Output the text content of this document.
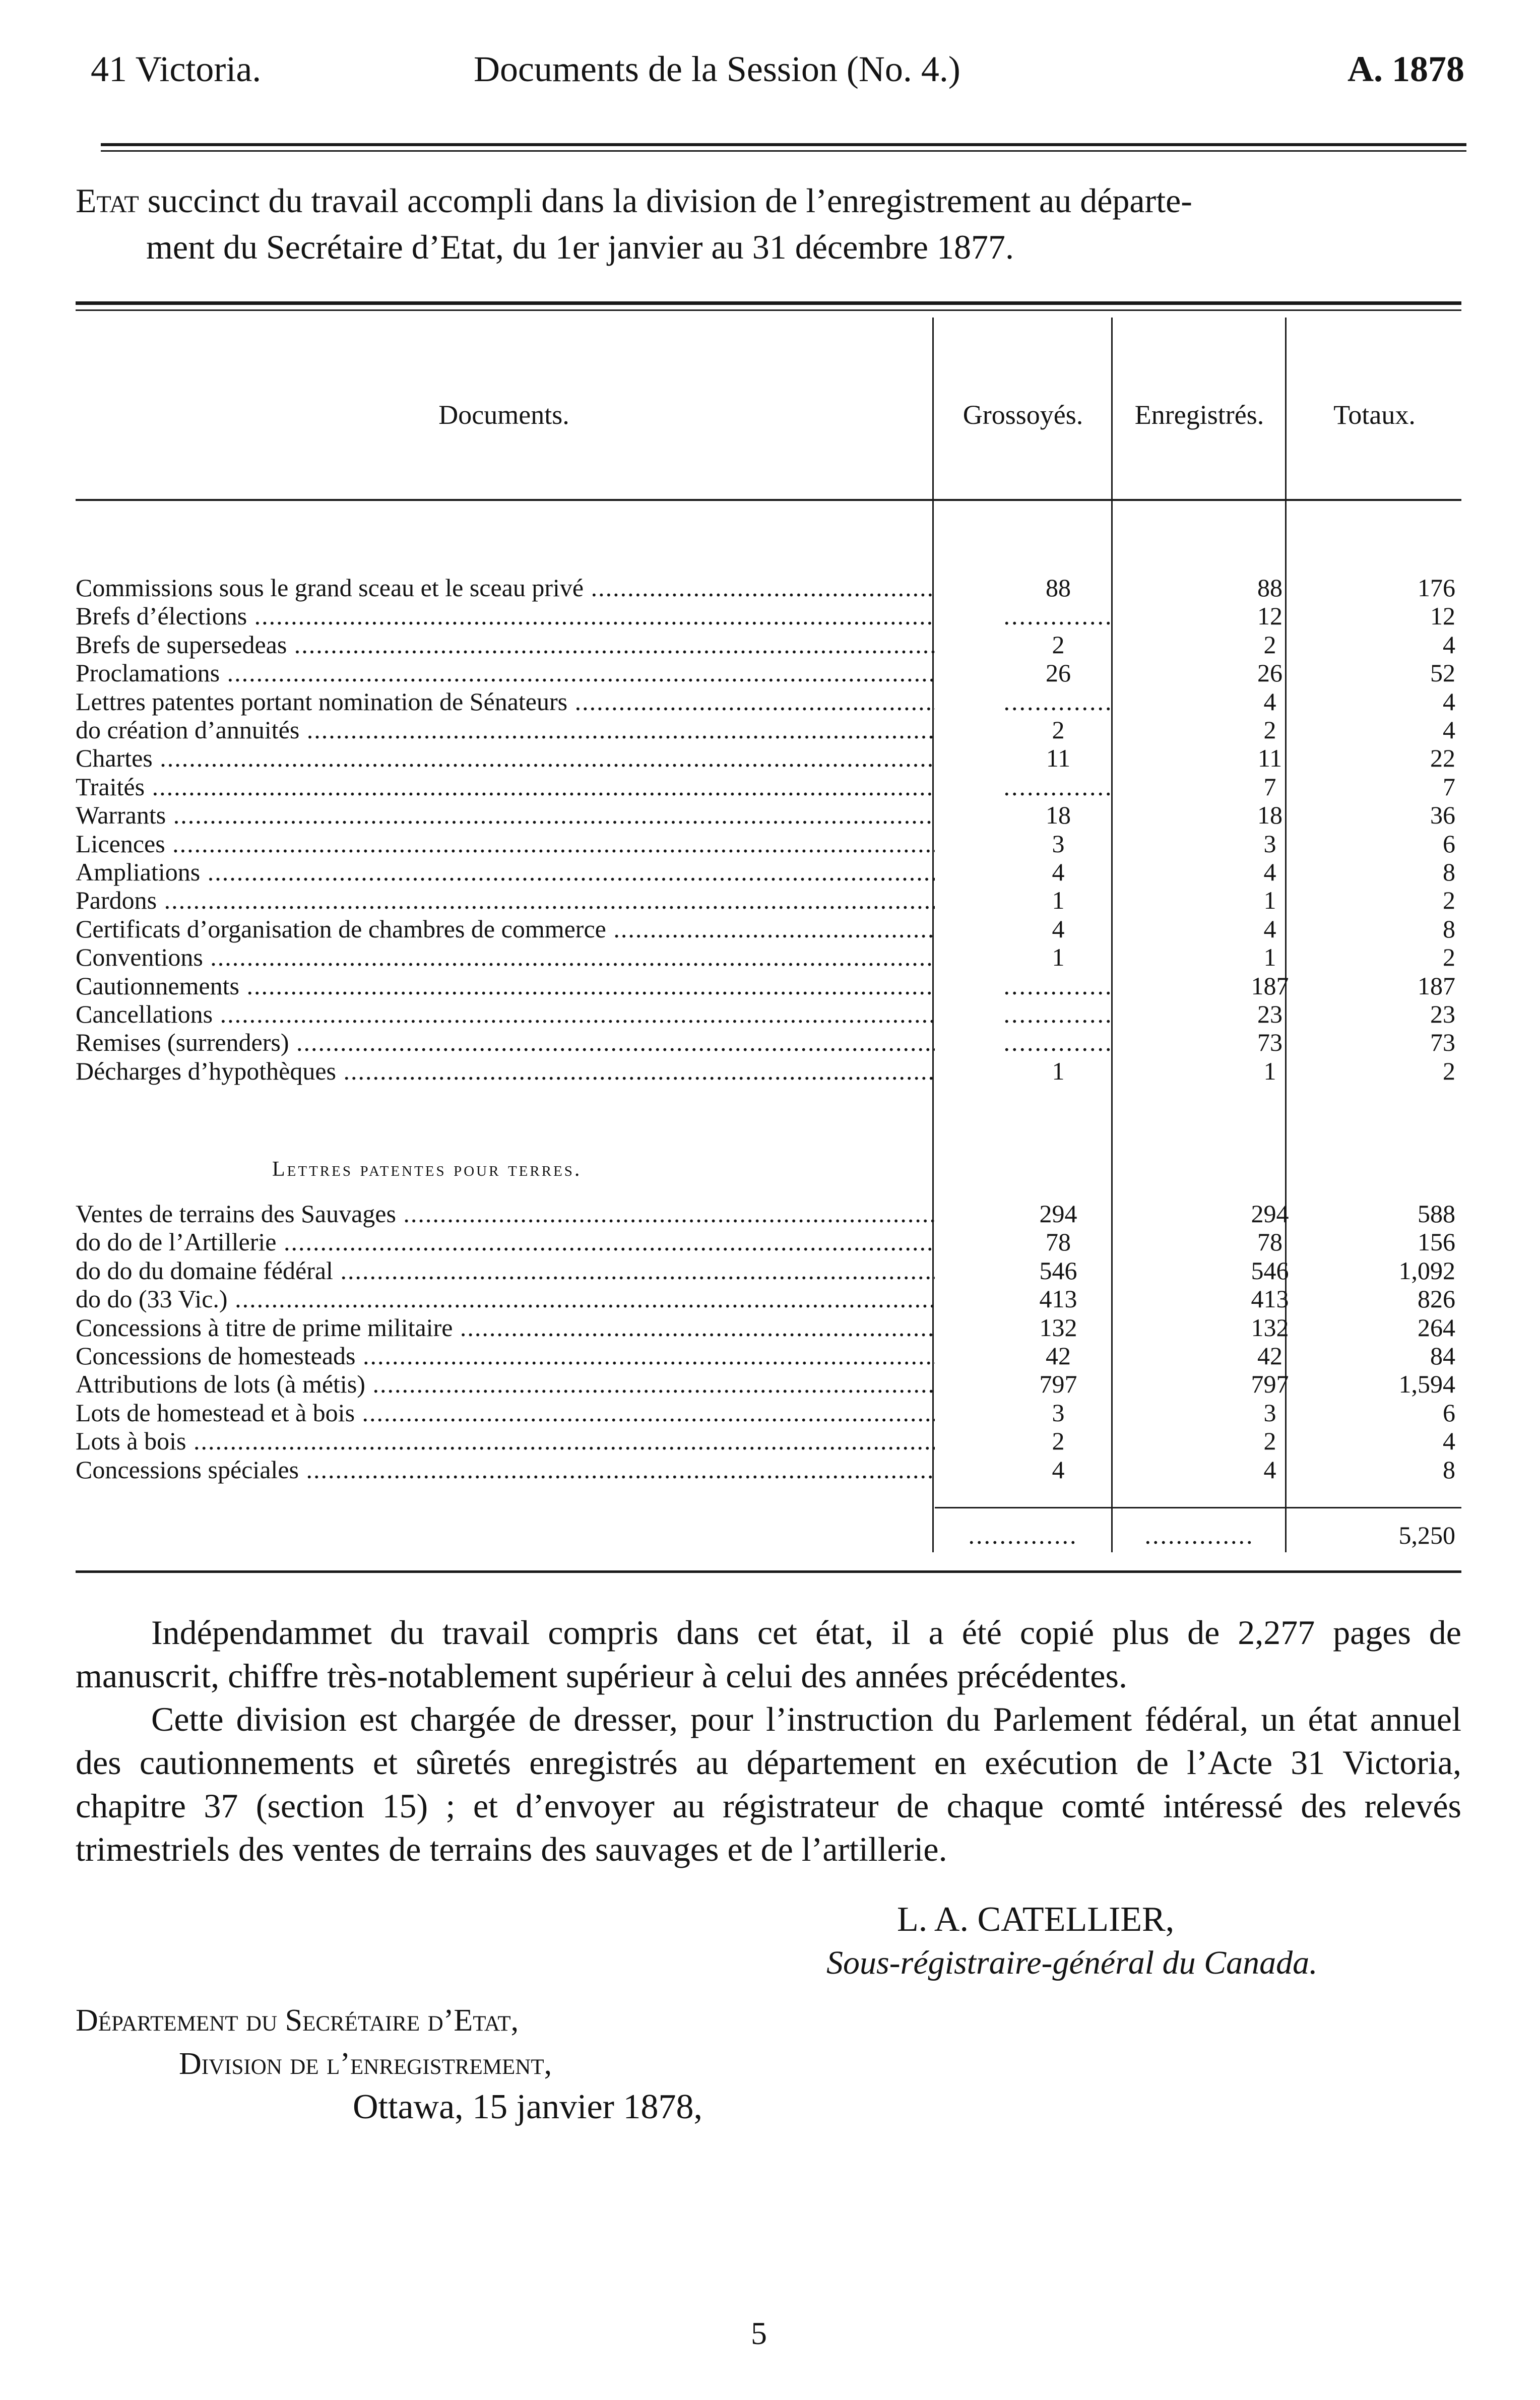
41 Victoria.	Documents de la Session (No. 4.)	A. 1878
Etat succinct du travail accompli dans la division de l’enregistrement au départe-
ment du Secrétaire d’Etat, du 1er janvier au 31 décembre 1877.
Documents.	Grossoyés.	Enregistrés.	Totaux.
Commissions sous le grand sceau et le sceau privé .....	88	88	176
Brefs d’élections .....	..............	12	12
Brefs de supersedeas .....	2	2	4
Proclamations .....	26	26	52
Lettres patentes portant nomination de Sénateurs .....	..............	4	4
do création d’annuités .....	2	2	4
Chartes .....	11	11	22
Traités .....	..............	7	7
Warrants .....	18	18	36
Licences .....	3	3	6
Ampliations .....	4	4	8
Pardons .....	1	1	2
Certificats d’organisation de chambres de commerce .....	4	4	8
Conventions .....	1	1	2
Cautionnements .....	..............	187	187
Cancellations .....	..............	23	23
Remises (surrenders) .....	..............	73	73
Décharges d’hypothèques .....	1	1	2
Ventes de terrains des Sauvages .....	294	294	588
do do de l’Artillerie .....	78	78	156
do do du domaine fédéral .....	546	546	1,092
do do (33 Vic.) .....	413	413	826
Concessions à titre de prime militaire .....	132	132	264
Concessions de homesteads .....	42	42	84
Attributions de lots (à métis) .....	797	797	1,594
Lots de homestead et à bois .....	3	3	6
Lots à bois .....	2	2	4
Concessions spéciales .....	4	4	8
Lettres patentes pour terres.
..............	..............	5,250
Indépendammet du travail compris dans cet état, il a été copié plus de 2,277 pages de manuscrit, chiffre très-notablement supérieur à celui des années précédentes.
Cette division est chargée de dresser, pour l’instruction du Parlement fédéral, un état annuel des cautionnements et sûretés enregistrés au département en exécution de l’Acte 31 Victoria, chapitre 37 (section 15) ; et d’envoyer au régistrateur de chaque comté intéressé des relevés trimestriels des ventes de terrains des sauvages et de l’artillerie.
L. A. CATELLIER,
Sous-régistraire-général du Canada.
Département du Secrétaire d’Etat,
Division de l’enregistrement,
Ottawa, 15 janvier 1878,
5
